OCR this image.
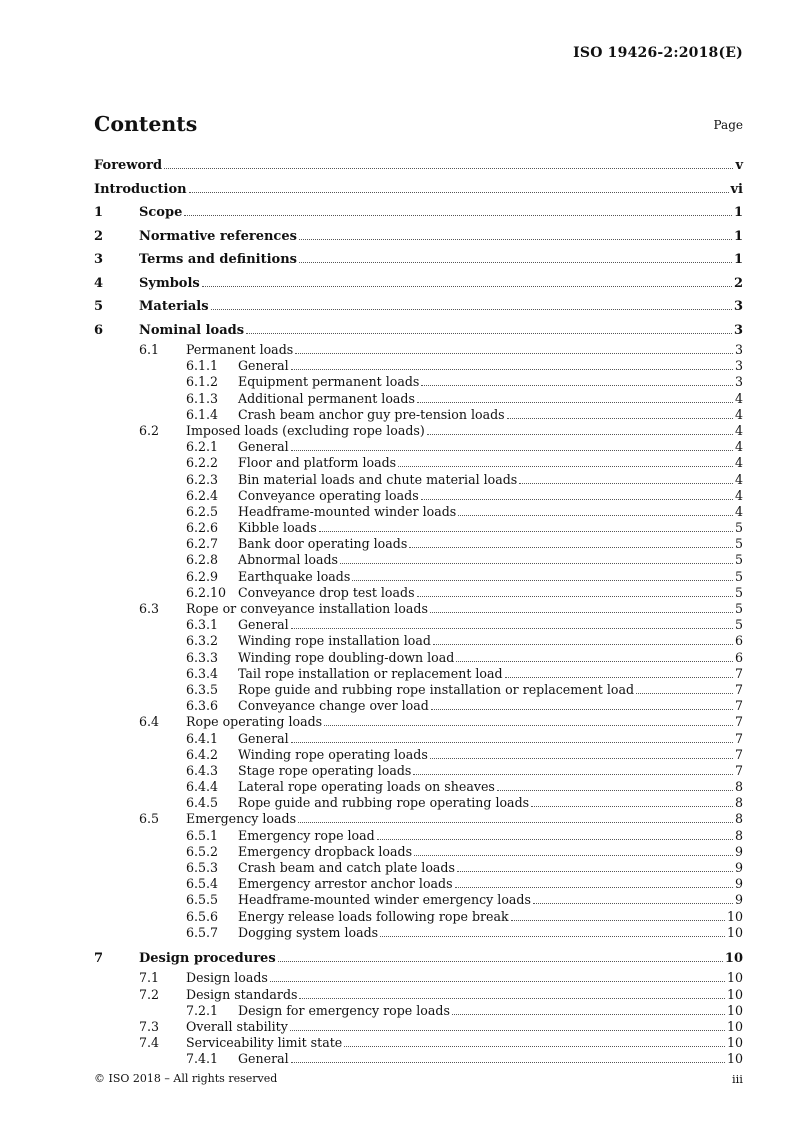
ISO 19426-2:2018(E)
Contents	Page
Foreword	v
Introduction	vi
1	Scope	1
2	Normative references	1
3	Terms and definitions	1
4	Symbols	2
5	Materials	3
6	Nominal loads	3
6.1	Permanent loads	3
6.1.1	General	3
6.1.2	Equipment permanent loads	3
6.1.3	Additional permanent loads	4
6.1.4	Crash beam anchor guy pre-tension loads	4
6.2	Imposed loads (excluding rope loads)	4
6.2.1	General	4
6.2.2	Floor and platform loads	4
6.2.3	Bin material loads and chute material loads	4
6.2.4	Conveyance operating loads	4
6.2.5	Headframe-mounted winder loads	4
6.2.6	Kibble loads	5
6.2.7	Bank door operating loads	5
6.2.8	Abnormal loads	5
6.2.9	Earthquake loads	5
6.2.10 Conveyance drop test loads	5
6.3	Rope or conveyance installation loads	5
6.3.1	General	5
6.3.2	Winding rope installation load	6
6.3.3	Winding rope doubling-down load	6
6.3.4	Tail rope installation or replacement load	7
6.3.5	Rope guide and rubbing rope installation or replacement load	7
6.3.6	Conveyance change over load	7
6.4	Rope operating loads	7
6.4.1	General	7
6.4.2	Winding rope operating loads	7
6.4.3	Stage rope operating loads	7
6.4.4	Lateral rope operating loads on sheaves	8
6.4.5	Rope guide and rubbing rope operating loads	8
6.5	Emergency loads	8
6.5.1	Emergency rope load	8
6.5.2	Emergency dropback loads	9
6.5.3	Crash beam and catch plate loads	9
6.5.4	Emergency arrestor anchor loads	9
6.5.5	Headframe-mounted winder emergency loads	9
6.5.6	Energy release loads following rope break	10
6.5.7	Dogging system loads	10
7	Design procedures	10
7.1	Design loads	10
7.2	Design standards	10
7.2.1	Design for emergency rope loads	10
7.3	Overall stability	10
7.4	Serviceability limit state	10
7.4.1	General	10
© ISO 2018 – All rights reserved	iii
